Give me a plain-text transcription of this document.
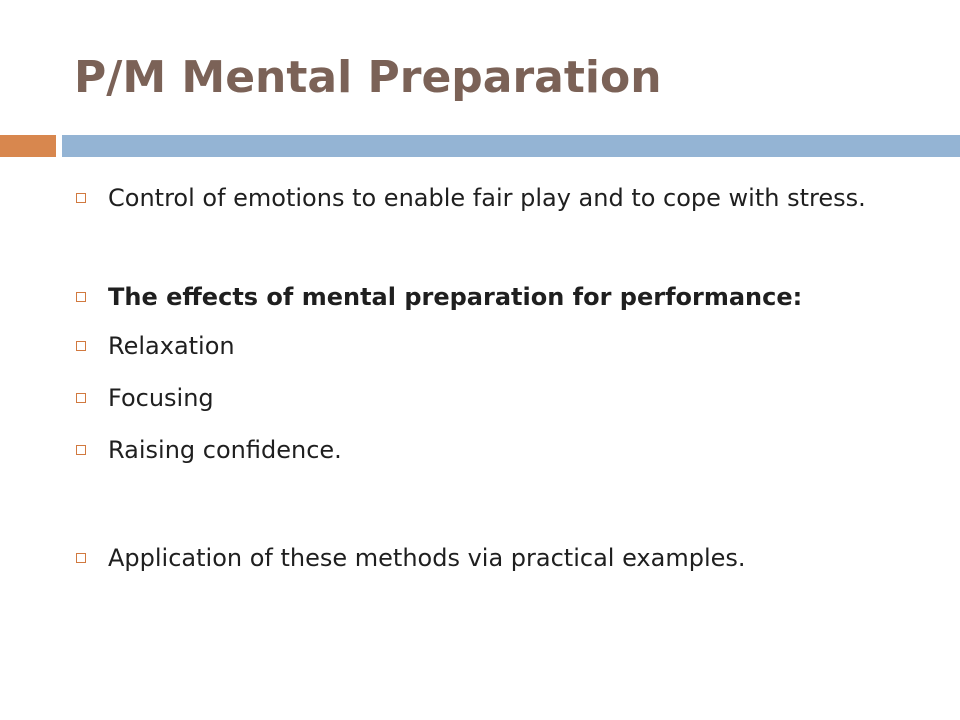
P/M Mental Preparation
Control of emotions to enable fair play and to cope with stress.
The effects of mental preparation for performance:
Relaxation
Focusing
Raising confidence.
Application of these methods via practical examples.
